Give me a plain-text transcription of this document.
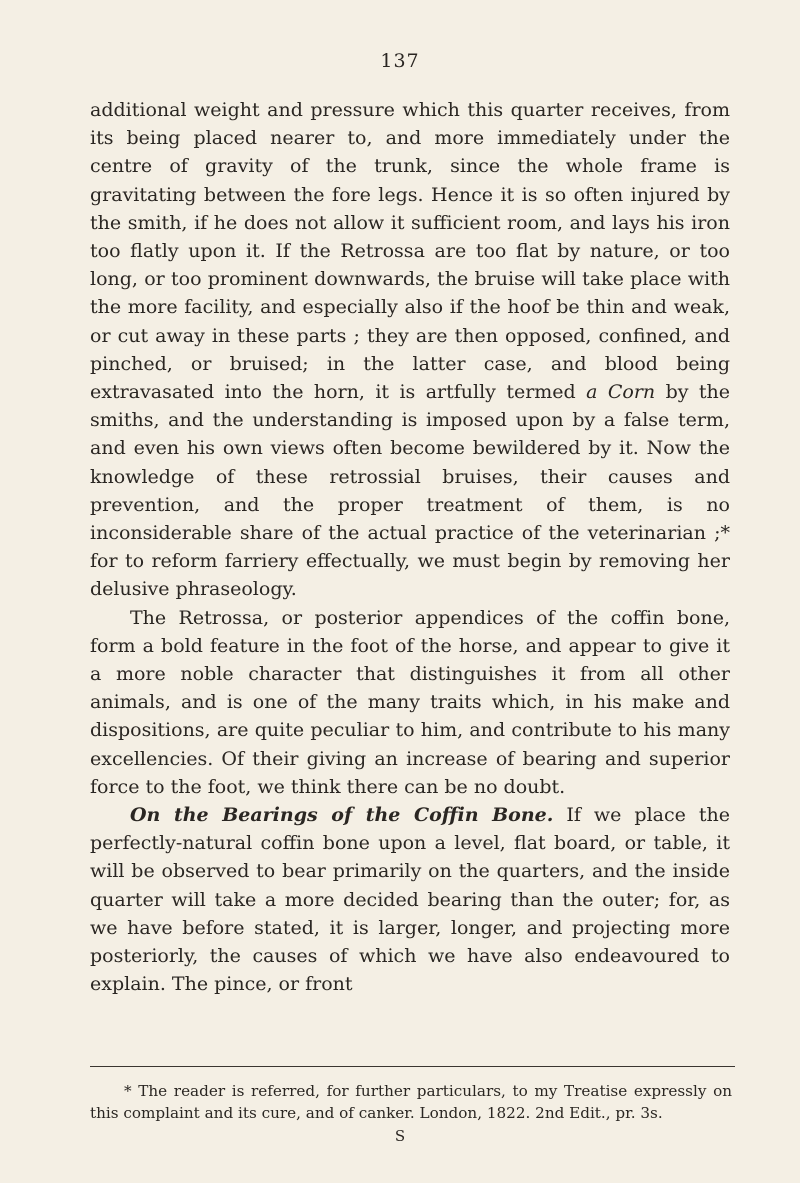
137

additional weight and pressure which this quarter receives, from its being placed nearer to, and more immediately under the centre of gravity of the trunk, since the whole frame is gravitating between the fore legs. Hence it is so often injured by the smith, if he does not allow it sufficient room, and lays his iron too flatly upon it. If the Retrossa are too flat by nature, or too long, or too prominent downwards, the bruise will take place with the more facility, and especially also if the hoof be thin and weak, or cut away in these parts ; they are then opposed, confined, and pinched, or bruised; in the latter case, and blood being extravasated into the horn, it is artfully termed a Corn by the smiths, and the understanding is imposed upon by a false term, and even his own views often become bewildered by it. Now the knowledge of these retrossial bruises, their causes and prevention, and the proper treatment of them, is no inconsiderable share of the actual practice of the veterinarian ;* for to reform farriery effectually, we must begin by removing her delusive phraseology.

The Retrossa, or posterior appendices of the coffin bone, form a bold feature in the foot of the horse, and appear to give it a more noble character that distinguishes it from all other animals, and is one of the many traits which, in his make and dispositions, are quite peculiar to him, and contribute to his many excellencies. Of their giving an increase of bearing and superior force to the foot, we think there can be no doubt.

On the Bearings of the Coffin Bone. If we place the perfectly-natural coffin bone upon a level, flat board, or table, it will be observed to bear primarily on the quarters, and the inside quarter will take a more decided bearing than the outer; for, as we have before stated, it is larger, longer, and projecting more posteriorly, the causes of which we have also endeavoured to explain. The pince, or front

* The reader is referred, for further particulars, to my Treatise expressly on this complaint and its cure, and of canker. London, 1822. 2nd Edit., pr. 3s.

S
